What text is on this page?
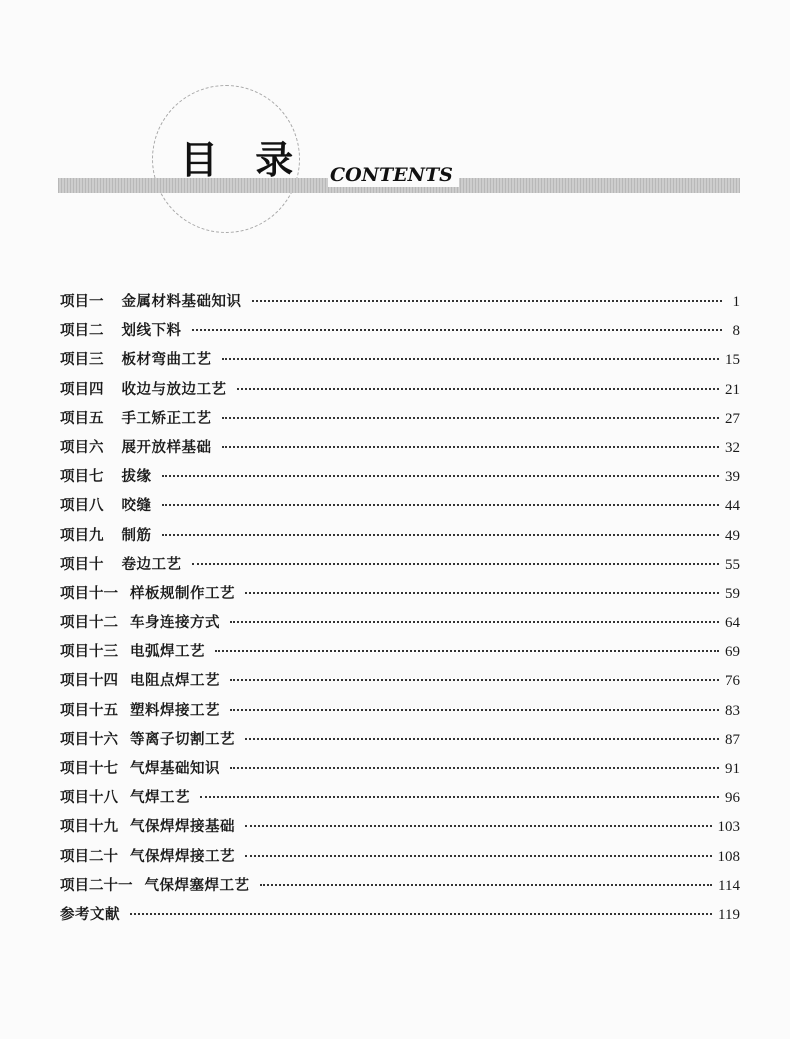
目 录 CONTENTS
项目一 金属材料基础知识	1
项目二 划线下料	8
项目三 板材弯曲工艺	15
项目四 收边与放边工艺	21
项目五 手工矫正工艺	27
项目六 展开放样基础	32
项目七 拔缘	39
项目八 咬缝	44
项目九 制筋	49
项目十 卷边工艺	55
项目十一 样板规制作工艺	59
项目十二 车身连接方式	64
项目十三 电弧焊工艺	69
项目十四 电阻点焊工艺	76
项目十五 塑料焊接工艺	83
项目十六 等离子切割工艺	87
项目十七 气焊基础知识	91
项目十八 气焊工艺	96
项目十九 气保焊焊接基础	103
项目二十 气保焊焊接工艺	108
项目二十一 气保焊塞焊工艺	114
参考文献	119
